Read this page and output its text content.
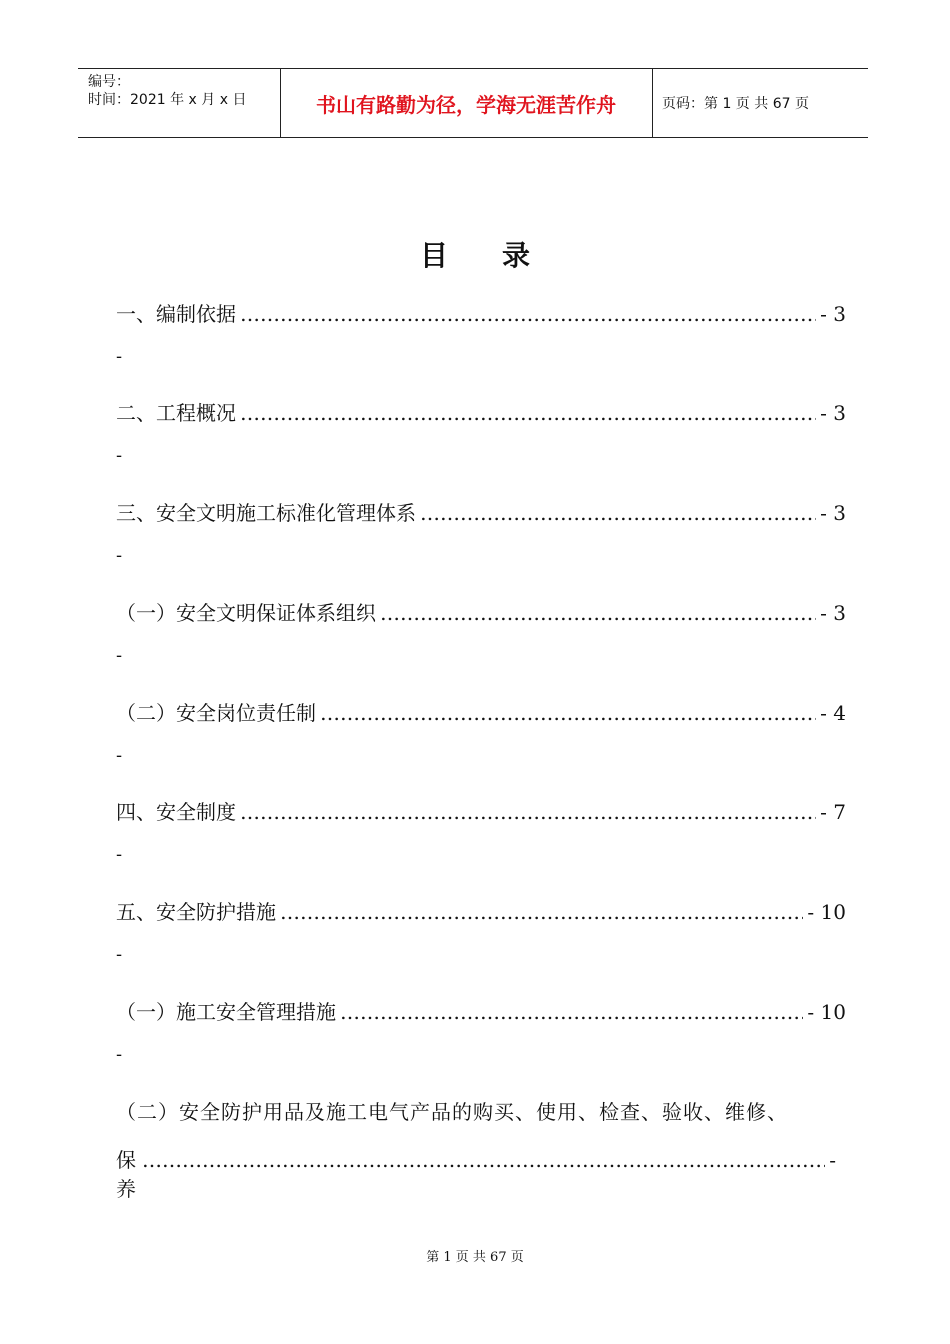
编号：
时间：2021 年 x 月 x 日	书山有路勤为径，学海无涯苦作舟	页码：第 1 页 共 67 页
目录
一、编制依据 …………………………………………………………………………………………………………………………………………………………………………………	- 3
-
二、工程概况 …………………………………………………………………………………………………………………………………………………………………………………	- 3
-
三、安全文明施工标准化管理体系 …………………………………………………………………………………………………………………………………………………………………………………	- 3
-
（一）安全文明保证体系组织 …………………………………………………………………………………………………………………………………………………………………………………	- 3
-
（二）安全岗位责任制 …………………………………………………………………………………………………………………………………………………………………………………	- 4
-
四、安全制度 …………………………………………………………………………………………………………………………………………………………………………………	- 7
-
五、安全防护措施 …………………………………………………………………………………………………………………………………………………………………………………	- 10
-
（一）施工安全管理措施 …………………………………………………………………………………………………………………………………………………………………………………	- 10
-
（二）安全防护用品及施工电气产品的购买、使用、检查、验收、维修、
保养
……………………………………………………………………………………………………………………………………………………………………
-
第 1 页 共 67 页
